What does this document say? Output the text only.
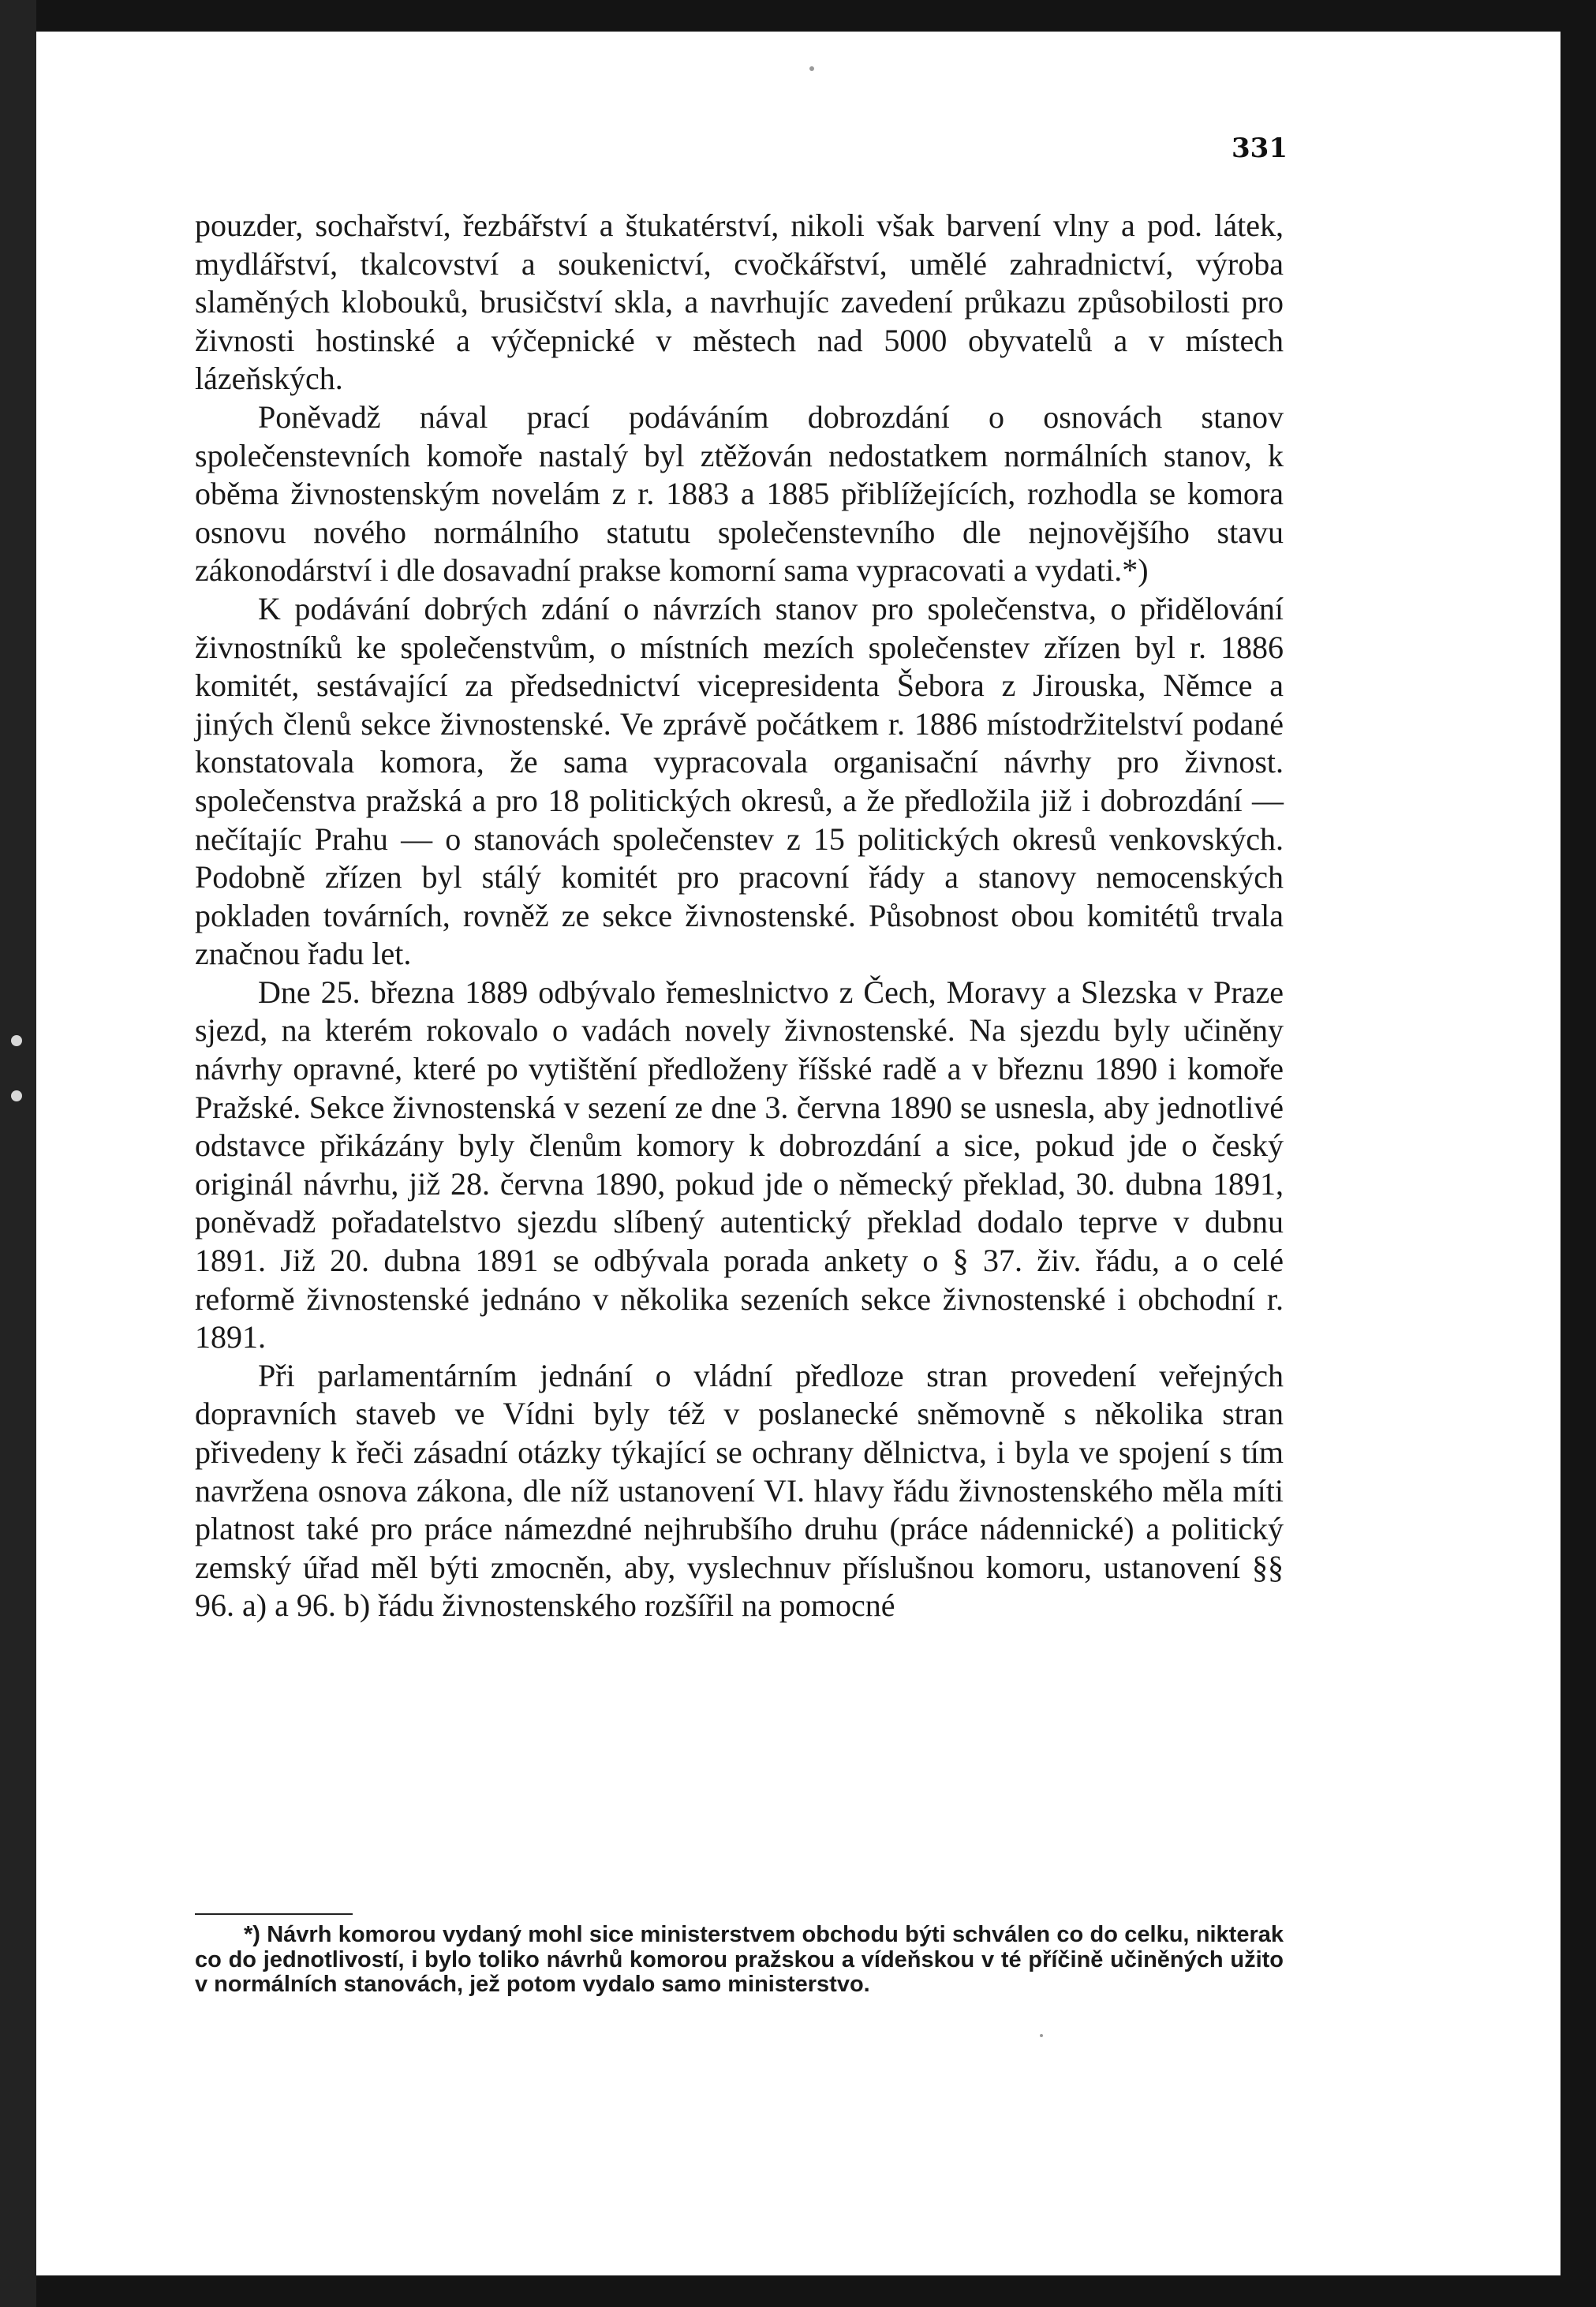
331

pouzder, sochařství, řezbářství a štukatérství, nikoli však barvení vlny a pod. látek, mydlářství, tkalcovství a soukenictví, cvočkářství, umělé zahradnictví, výroba slaměných klobouků, brusičství skla, a navrhujíc zavedení průkazu způsobilosti pro živnosti hostinské a výčepnické v městech nad 5000 obyvatelů a v místech lázeňských.

Poněvadž nával prací podáváním dobrozdání o osnovách stanov společenstevních komoře nastalý byl ztěžován nedostatkem normálních stanov, k oběma živnostenským novelám z r. 1883 a 1885 přiblížejících, rozhodla se komora osnovu nového normálního statutu společenstevního dle nejnovějšího stavu zákonodárství i dle dosavadní prakse komorní sama vypracovati a vydati.*)

K podávání dobrých zdání o návrzích stanov pro společenstva, o přidělování živnostníků ke společenstvům, o místních mezích společenstev zřízen byl r. 1886 komitét, sestávající za předsednictví vicepresidenta Šebora z Jirouska, Němce a jiných členů sekce živnostenské. Ve zprávě počátkem r. 1886 místodržitelství podané konstatovala komora, že sama vypracovala organisační návrhy pro živnost. společenstva pražská a pro 18 politických okresů, a že předložila již i dobrozdání — nečítajíc Prahu — o stanovách společenstev z 15 politických okresů venkovských. Podobně zřízen byl stálý komitét pro pracovní řády a stanovy nemocenských pokladen továrních, rovněž ze sekce živnostenské. Působnost obou komitétů trvala značnou řadu let.

Dne 25. března 1889 odbývalo řemeslnictvo z Čech, Moravy a Slezska v Praze sjezd, na kterém rokovalo o vadách novely živnostenské. Na sjezdu byly učiněny návrhy opravné, které po vytištění předloženy říšské radě a v březnu 1890 i komoře Pražské. Sekce živnostenská v sezení ze dne 3. června 1890 se usnesla, aby jednotlivé odstavce přikázány byly členům komory k dobrozdání a sice, pokud jde o český originál návrhu, již 28. června 1890, pokud jde o německý překlad, 30. dubna 1891, poněvadž pořadatelstvo sjezdu slíbený autentický překlad dodalo teprve v dubnu 1891. Již 20. dubna 1891 se odbývala porada ankety o § 37. živ. řádu, a o celé reformě živnostenské jednáno v několika sezeních sekce živnostenské i obchodní r. 1891.

Při parlamentárním jednání o vládní předloze stran provedení veřejných dopravních staveb ve Vídni byly též v poslanecké sněmovně s několika stran přivedeny k řeči zásadní otázky týkající se ochrany dělnictva, i byla ve spojení s tím navržena osnova zákona, dle níž ustanovení VI. hlavy řádu živnostenského měla míti platnost také pro práce námezdné nejhrubšího druhu (práce nádennické) a politický zemský úřad měl býti zmocněn, aby, vyslechnuv příslušnou komoru, ustanovení §§ 96. a) a 96. b) řádu živnostenského rozšířil na pomocné

*) Návrh komorou vydaný mohl sice ministerstvem obchodu býti schválen co do celku, nikterak co do jednotlivostí, i bylo toliko návrhů komorou pražskou a vídeňskou v té příčině učiněných užito v normálních stanovách, jež potom vydalo samo ministerstvo.
